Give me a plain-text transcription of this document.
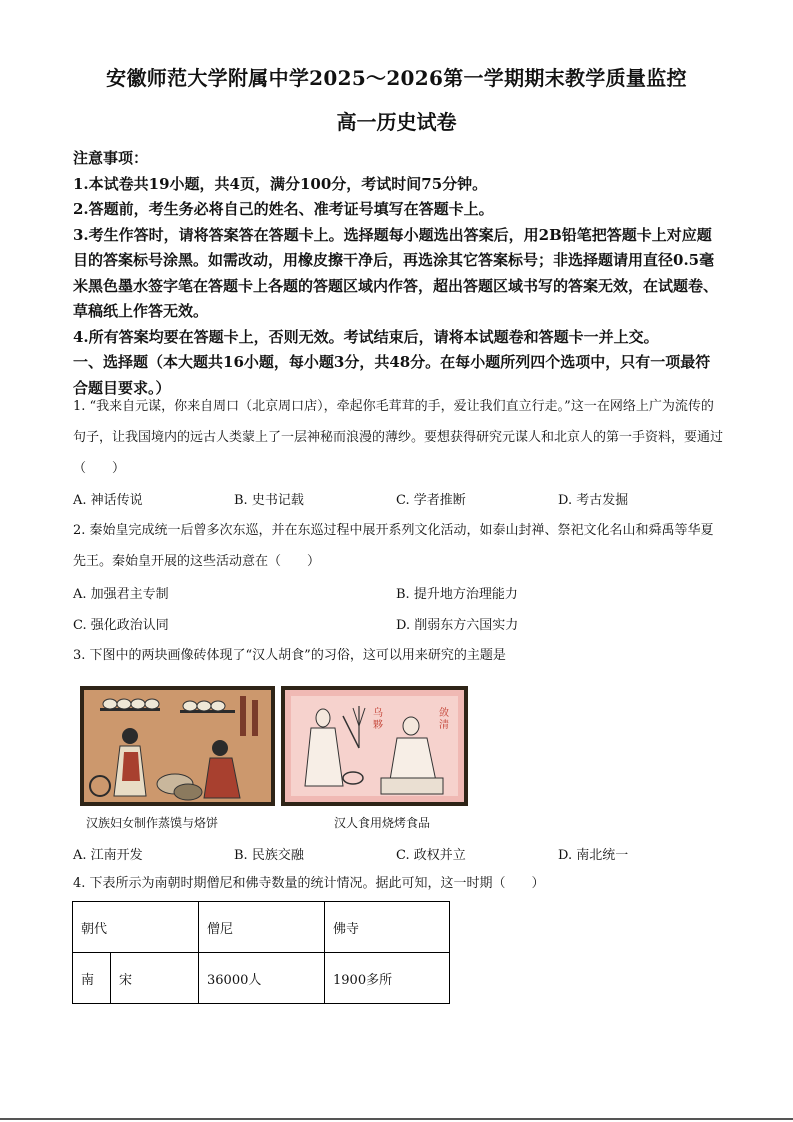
安徽师范大学附属中学2025～2026第一学期期末教学质量监控
高一历史试卷

注意事项：

1.本试卷共19小题，共4页，满分100分，考试时间75分钟。

2.答题前，考生务必将自己的姓名、准考证号填写在答题卡上。

3.考生作答时，请将答案答在答题卡上。选择题每小题选出答案后，用2B铅笔把答题卡上对应题目的答案标号涂黑。如需改动，用橡皮擦干净后，再选涂其它答案标号；非选择题请用直径0.5毫米黑色墨水签字笔在答题卡上各题的答题区域内作答，超出答题区域书写的答案无效，在试题卷、草稿纸上作答无效。

4.所有答案均要在答题卡上，否则无效。考试结束后，请将本试题卷和答题卡一并上交。

一、选择题（本大题共16小题，每小题3分，共48分。在每小题所列四个选项中，只有一项最符合题目要求。）

1. “我来自元谋，你来自周口（北京周口店），牵起你毛茸茸的手，爱让我们直立行走。”这一在网络上广为流传的句子，让我国境内的远古人类蒙上了一层神秘而浪漫的薄纱。要想获得研究元谋人和北京人的第一手资料，要通过（　　）

A. 神话传说	B. 史书记载	C. 学者推断	D. 考古发掘

2. 秦始皇完成统一后曾多次东巡，并在东巡过程中展开系列文化活动，如泰山封禅、祭祀文化名山和舜禹等华夏先王。秦始皇开展的这些活动意在（　　）

A. 加强君主专制	B. 提升地方治理能力
C. 强化政治认同	D. 削弱东方六国实力

3. 下图中的两块画像砖体现了“汉人胡食”的习俗，这可以用来研究的主题是

乌
夥
敛
清
汉族妇女制作蒸馍与烙饼	汉人食用烧烤食品
A. 江南开发	B. 民族交融	C. 政权并立	D. 南北统一

4. 下表所示为南朝时期僧尼和佛寺数量的统计情况。据此可知，这一时期（　　）

朝代		僧尼	佛寺
南	宋	36000人	1900多所
